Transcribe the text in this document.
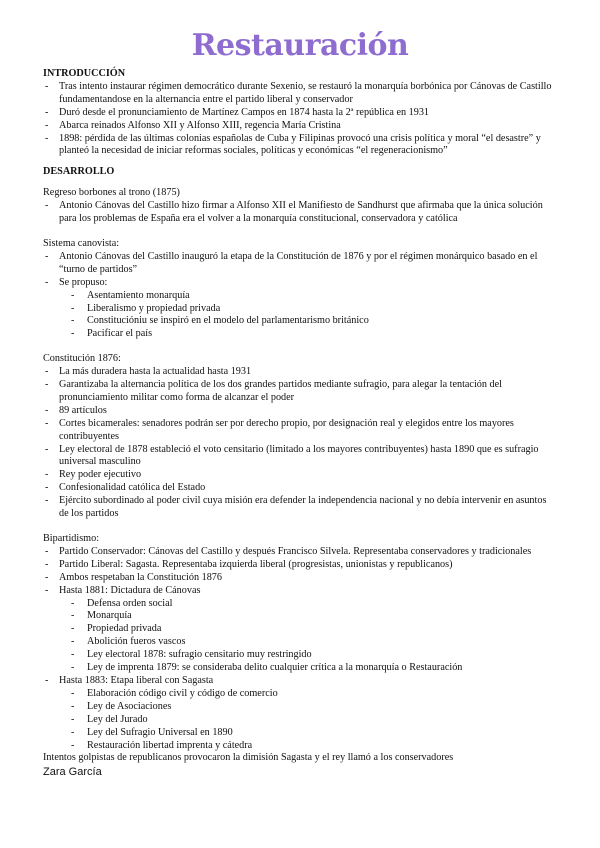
Restauración

INTRODUCCIÓN

- Tras intento instaurar régimen democrático durante Sexenio, se restauró la monarquía borbónica por Cánovas de Castillo fundamentandose en la alternancia entre el partido liberal y conservador
- Duró desde el pronunciamiento de Martínez Campos en 1874 hasta la 2ª república en 1931
- Abarca reinados Alfonso XII y Alfonso XIII, regencia María Cristina
- 1898: pérdida de las últimas colonias españolas de Cuba y Filipinas provocó una crisis política y moral “el desastre” y planteó la necesidad de iniciar reformas sociales, políticas y económicas “el regeneracionismo”

DESARROLLO

Regreso borbones al trono (1875)

- Antonio Cánovas del Castillo hizo firmar a Alfonso XII el Manifiesto de Sandhurst que afirmaba que la única solución para los problemas de España era el volver a la monarquía constitucional, conservadora y católica

Sistema canovista:

- Antonio Cánovas del Castillo inauguró la etapa de la Constitución de 1876 y por el régimen monárquico basado en el “turno de partidos”
- Se propuso:
- Asentamiento monarquía
- Liberalismo y propiedad privada
- Constitucióniu se inspiró en el modelo del parlamentarismo británico
- Pacificar el país

Constitución 1876:

- La más duradera hasta la actualidad hasta 1931
- Garantizaba la alternancia política de los dos grandes partidos mediante sufragio, para alegar la tentación del pronunciamiento militar como forma de alcanzar el poder
- 89 artículos
- Cortes bicamerales: senadores podrán ser por derecho propio, por designación real y elegidos entre los mayores contribuyentes
- Ley electoral de 1878 estableció el voto censitario (limitado a los mayores contribuyentes) hasta 1890 que es sufragio universal masculino
- Rey poder ejecutivo
- Confesionalidad católica del Estado
- Ejército subordinado al poder civil cuya misión era defender la independencia nacional y no debía intervenir en asuntos de los partidos

Bipartidismo:

- Partido Conservador: Cánovas del Castillo y después Francisco Silvela. Representaba conservadores y tradicionales
- Partido Liberal: Sagasta. Representaba izquierda liberal (progresistas, unionistas y republicanos)
- Ambos respetaban la Constitución 1876
- Hasta 1881: Dictadura de Cánovas
- Defensa orden social
- Monarquía
- Propiedad privada
- Abolición fueros vascos
- Ley electoral 1878: sufragio censitario muy restringido
- Ley de imprenta 1879: se consideraba delito cualquier crítica a la monarquía o Restauración
- Hasta 1883: Etapa liberal con Sagasta
- Elaboración código civil y código de comercio
- Ley de Asociaciones
- Ley del Jurado
- Ley del Sufragio Universal en 1890
- Restauración libertad imprenta y cátedra

Intentos golpistas de republicanos provocaron la dimisión Sagasta y el rey llamó a los conservadores

Zara García
